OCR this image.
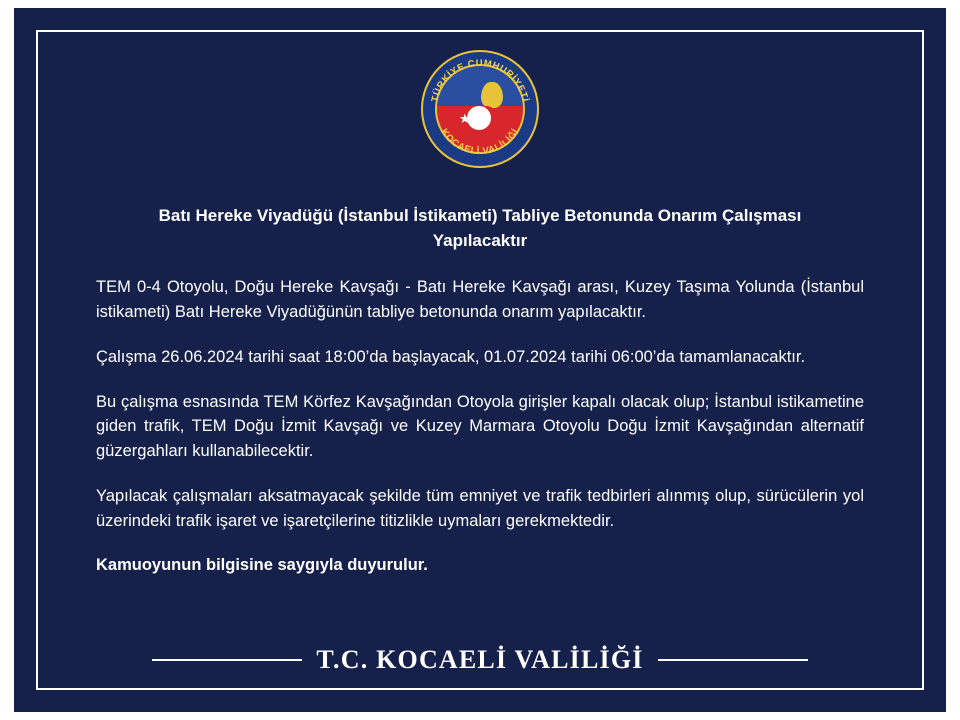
★
TÜRKİYE CUMHURİYETİ
KOCAELİ VALİLİĞİ
Batı Hereke Viyadüğü (İstanbul İstikameti) Tabliye Betonunda Onarım Çalışması Yapılacaktır

TEM 0-4 Otoyolu, Doğu Hereke Kavşağı - Batı Hereke Kavşağı arası, Kuzey Taşıma Yolunda (İstanbul istikameti) Batı Hereke Viyadüğünün tabliye betonunda onarım yapılacaktır.

Çalışma 26.06.2024 tarihi saat 18:00’da başlayacak, 01.07.2024 tarihi 06:00’da tamamlanacaktır.

Bu çalışma esnasında TEM Körfez Kavşağından Otoyola girişler kapalı olacak olup; İstanbul istikametine giden trafik, TEM Doğu İzmit Kavşağı ve Kuzey Marmara Otoyolu Doğu İzmit Kavşağından alternatif güzergahları kullanabilecektir.

Yapılacak çalışmaları aksatmayacak şekilde tüm emniyet ve trafik tedbirleri alınmış olup, sürücülerin yol üzerindeki trafik işaret ve işaretçilerine titizlikle uymaları gerekmektedir.

Kamuoyunun bilgisine saygıyla duyurulur.

T.C. KOCAELİ VALİLİĞİ
